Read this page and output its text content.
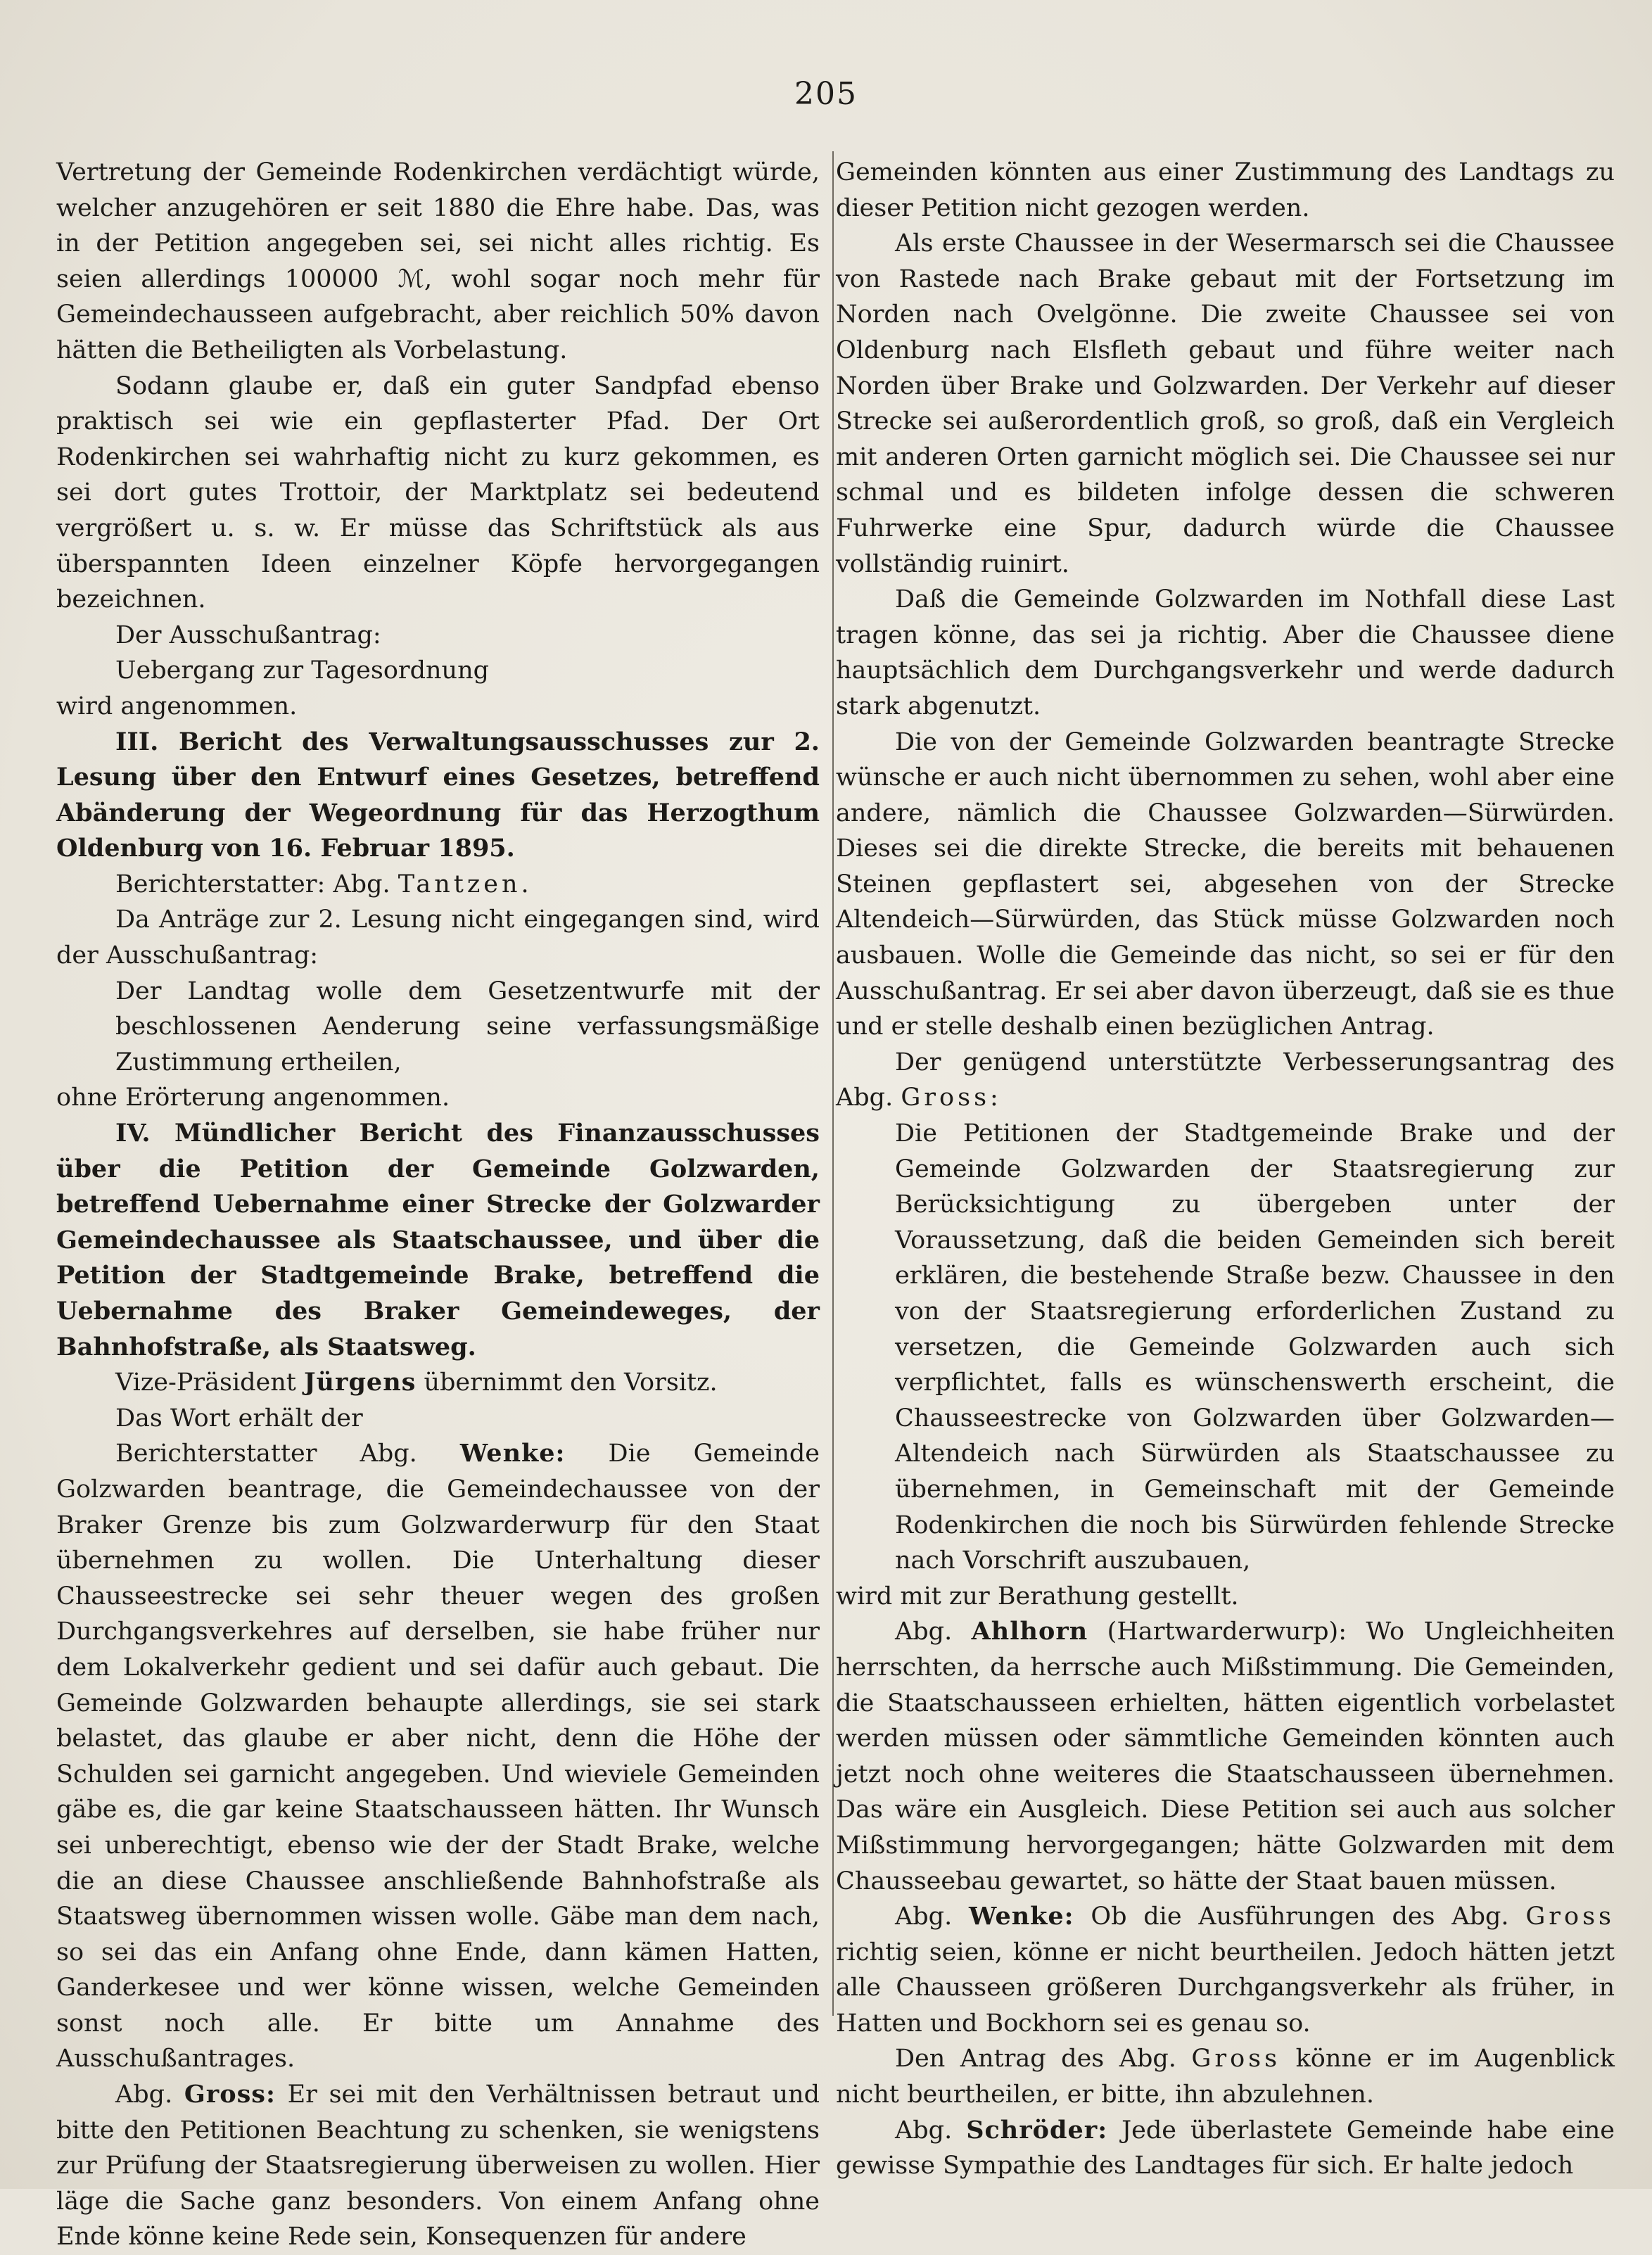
205

Vertretung der Gemeinde Rodenkirchen verdächtigt würde, welcher anzugehören er seit 1880 die Ehre habe. Das, was in der Petition angegeben sei, sei nicht alles richtig. Es seien allerdings 100000 ℳ, wohl sogar noch mehr für Gemeindechausseen aufgebracht, aber reichlich 50% davon hätten die Betheiligten als Vorbelastung.

Sodann glaube er, daß ein guter Sandpfad ebenso praktisch sei wie ein gepflasterter Pfad. Der Ort Rodenkirchen sei wahrhaftig nicht zu kurz gekommen, es sei dort gutes Trottoir, der Marktplatz sei bedeutend vergrößert u. s. w. Er müsse das Schriftstück als aus überspannten Ideen einzelner Köpfe hervorgegangen bezeichnen.

Der Ausschußantrag:

Uebergang zur Tagesordnung

wird angenommen.

III. Bericht des Verwaltungsausschusses zur 2. Lesung über den Entwurf eines Gesetzes, betreffend Abänderung der Wegeordnung für das Herzogthum Oldenburg von 16. Februar 1895.

Berichterstatter: Abg. Tantzen.

Da Anträge zur 2. Lesung nicht eingegangen sind, wird der Ausschußantrag:

Der Landtag wolle dem Gesetzentwurfe mit der beschlossenen Aenderung seine verfassungsmäßige Zustimmung ertheilen,

ohne Erörterung angenommen.

IV. Mündlicher Bericht des Finanzausschusses über die Petition der Gemeinde Golzwarden, betreffend Uebernahme einer Strecke der Golzwarder Gemeindechaussee als Staatschaussee, und über die Petition der Stadtgemeinde Brake, betreffend die Uebernahme des Braker Gemeindeweges, der Bahnhofstraße, als Staatsweg.

Vize-Präsident Jürgens übernimmt den Vorsitz.

Das Wort erhält der

Berichterstatter Abg. Wenke: Die Gemeinde Golzwarden beantrage, die Gemeindechaussee von der Braker Grenze bis zum Golzwarderwurp für den Staat übernehmen zu wollen. Die Unterhaltung dieser Chausseestrecke sei sehr theuer wegen des großen Durchgangsverkehres auf derselben, sie habe früher nur dem Lokalverkehr gedient und sei dafür auch gebaut. Die Gemeinde Golzwarden behaupte allerdings, sie sei stark belastet, das glaube er aber nicht, denn die Höhe der Schulden sei garnicht angegeben. Und wieviele Gemeinden gäbe es, die gar keine Staatschausseen hätten. Ihr Wunsch sei unberechtigt, ebenso wie der der Stadt Brake, welche die an diese Chaussee anschließende Bahnhofstraße als Staatsweg übernommen wissen wolle. Gäbe man dem nach, so sei das ein Anfang ohne Ende, dann kämen Hatten, Ganderkesee und wer könne wissen, welche Gemeinden sonst noch alle. Er bitte um Annahme des Ausschußantrages.

Abg. Gross: Er sei mit den Verhältnissen betraut und bitte den Petitionen Beachtung zu schenken, sie wenigstens zur Prüfung der Staatsregierung überweisen zu wollen. Hier läge die Sache ganz besonders. Von einem Anfang ohne Ende könne keine Rede sein, Konsequenzen für andere

Gemeinden könnten aus einer Zustimmung des Landtags zu dieser Petition nicht gezogen werden.

Als erste Chaussee in der Wesermarsch sei die Chaussee von Rastede nach Brake gebaut mit der Fortsetzung im Norden nach Ovelgönne. Die zweite Chaussee sei von Oldenburg nach Elsfleth gebaut und führe weiter nach Norden über Brake und Golzwarden. Der Verkehr auf dieser Strecke sei außerordentlich groß, so groß, daß ein Vergleich mit anderen Orten garnicht möglich sei. Die Chaussee sei nur schmal und es bildeten infolge dessen die schweren Fuhrwerke eine Spur, dadurch würde die Chaussee vollständig ruinirt.

Daß die Gemeinde Golzwarden im Nothfall diese Last tragen könne, das sei ja richtig. Aber die Chaussee diene hauptsächlich dem Durchgangsverkehr und werde dadurch stark abgenutzt.

Die von der Gemeinde Golzwarden beantragte Strecke wünsche er auch nicht übernommen zu sehen, wohl aber eine andere, nämlich die Chaussee Golzwarden—Sürwürden. Dieses sei die direkte Strecke, die bereits mit behauenen Steinen gepflastert sei, abgesehen von der Strecke Altendeich—Sürwürden, das Stück müsse Golzwarden noch ausbauen. Wolle die Gemeinde das nicht, so sei er für den Ausschußantrag. Er sei aber davon überzeugt, daß sie es thue und er stelle deshalb einen bezüglichen Antrag.

Der genügend unterstützte Verbesserungsantrag des Abg. Gross:

Die Petitionen der Stadtgemeinde Brake und der Gemeinde Golzwarden der Staatsregierung zur Berücksichtigung zu übergeben unter der Voraussetzung, daß die beiden Gemeinden sich bereit erklären, die bestehende Straße bezw. Chaussee in den von der Staatsregierung erforderlichen Zustand zu versetzen, die Gemeinde Golzwarden auch sich verpflichtet, falls es wünschenswerth erscheint, die Chausseestrecke von Golzwarden über Golzwarden—Altendeich nach Sürwürden als Staatschaussee zu übernehmen, in Gemeinschaft mit der Gemeinde Rodenkirchen die noch bis Sürwürden fehlende Strecke nach Vorschrift auszubauen,

wird mit zur Berathung gestellt.

Abg. Ahlhorn (Hartwarderwurp): Wo Ungleichheiten herrschten, da herrsche auch Mißstimmung. Die Gemeinden, die Staatschausseen erhielten, hätten eigentlich vorbelastet werden müssen oder sämmtliche Gemeinden könnten auch jetzt noch ohne weiteres die Staatschausseen übernehmen. Das wäre ein Ausgleich. Diese Petition sei auch aus solcher Mißstimmung hervorgegangen; hätte Golzwarden mit dem Chausseebau gewartet, so hätte der Staat bauen müssen.

Abg. Wenke: Ob die Ausführungen des Abg. Gross richtig seien, könne er nicht beurtheilen. Jedoch hätten jetzt alle Chausseen größeren Durchgangsverkehr als früher, in Hatten und Bockhorn sei es genau so.

Den Antrag des Abg. Gross könne er im Augenblick nicht beurtheilen, er bitte, ihn abzulehnen.

Abg. Schröder: Jede überlastete Gemeinde habe eine gewisse Sympathie des Landtages für sich. Er halte jedoch
